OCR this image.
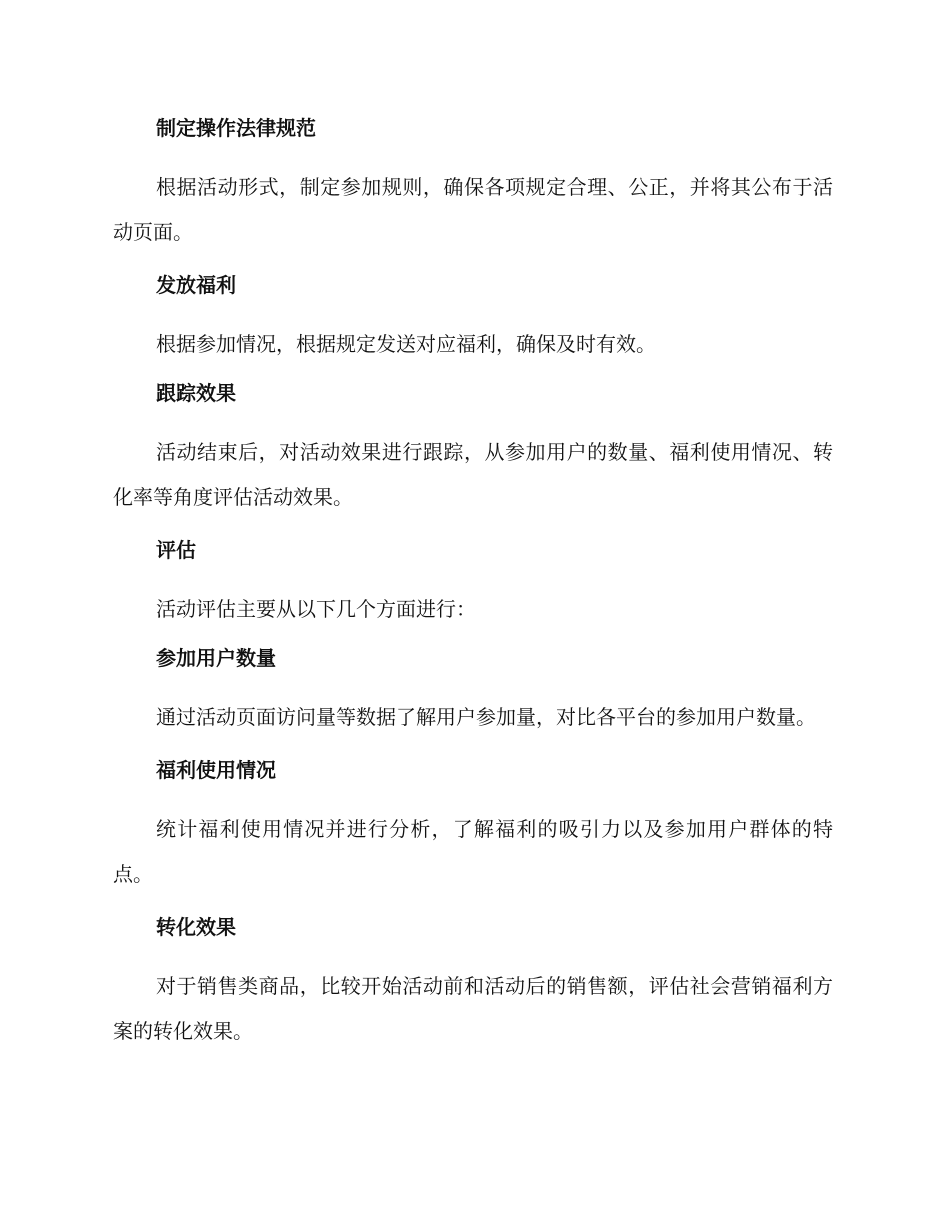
制定操作法律规范
根据活动形式，制定参加规则，确保各项规定合理、公正，并将其公布于活动页面。
发放福利
根据参加情况，根据规定发送对应福利，确保及时有效。
跟踪效果
活动结束后，对活动效果进行跟踪，从参加用户的数量、福利使用情况、转化率等角度评估活动效果。
评估
活动评估主要从以下几个方面进行：
参加用户数量
通过活动页面访问量等数据了解用户参加量，对比各平台的参加用户数量。
福利使用情况
统计福利使用情况并进行分析，了解福利的吸引力以及参加用户群体的特点。
转化效果
对于销售类商品，比较开始活动前和活动后的销售额，评估社会营销福利方案的转化效果。
